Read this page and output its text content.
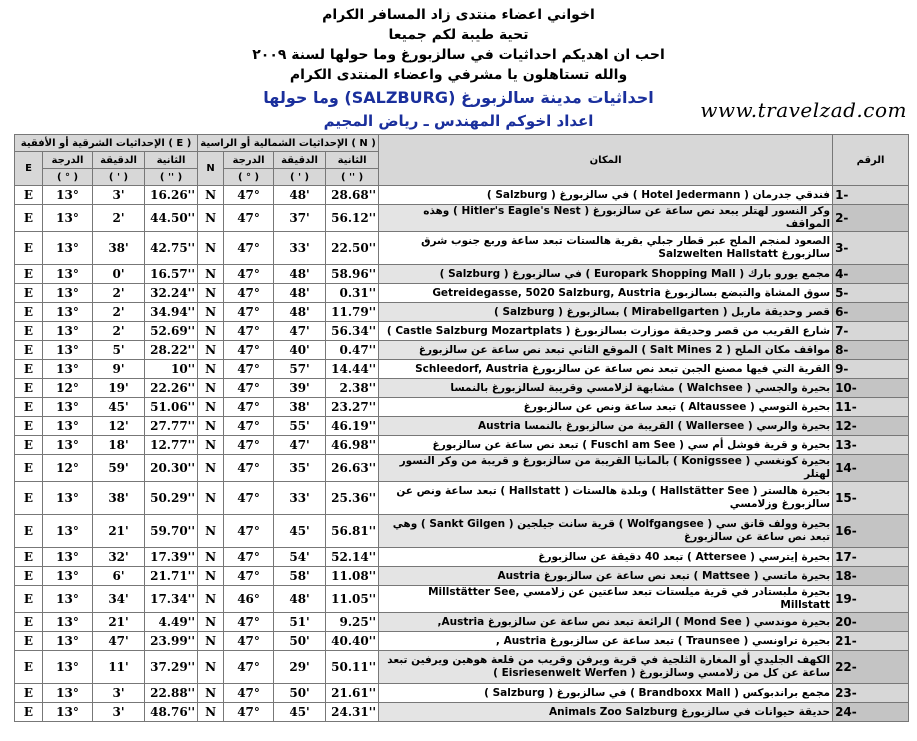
اخواني اعضاء منتدى زاد المسافر الكرام
تحية طيبة لكم جميعا
احب ان اهديكم احداثيات في سالزبورغ وما حولها لسنة ٢٠٠٩
والله تستاهلون يا مشرفي واعضاء المنتدى الكرام
احداثيات مدينة سالزبورغ (SALZBURG) وما حولها
اعداد اخوكم المهندس ـ رياض المجيم	www.travelzad.com
الإحداثيات الشرقية أو الأفقية ( E )				الإحداثيات الشمالية أو الراسية ( N )				المكان	الرقم
E	الدرجة	الدقيقة	الثانية	N	الدرجة	الدقيقة	الثانية		
	( ° )	( ' )	( '' )		( ° )	( ' )	( '' )		
E	13°	3'	16.26''	N	47°	48'	28.68''	فندقي جدرمان ( Hotel Jedermann ) في سالزبورغ ( Salzburg )	1-
E	13°	2'	44.50''	N	47°	37'	56.12''	وكر النسور لهتلر يبعد نص ساعة عن سالزبورغ ( Hitler's Eagle's Nest ) وهذه المواقف	2-
E	13°	38'	42.75''	N	47°	33'	22.50''	الصعود لمنجم الملح عبر قطار جبلي بقرية هالستات تبعد ساعة وربع جنوب شرق سالزبورغ Salzwelten Hallstatt	3-
E	13°	0'	16.57''	N	47°	48'	58.96''	مجمع يورو بارك ( Europark Shopping Mall ) في سالزبورغ ( Salzburg )	4-
E	13°	2'	32.24''	N	47°	48'	0.31''	سوق المشاة والتبضع بسالزبورغ Getreidegasse, 5020 Salzburg, Austria	5-
E	13°	2'	34.94''	N	47°	48'	11.79''	قصر وحديقة ماربل ( Mirabellgarten ) بسالزبورغ ( Salzburg )	6-
E	13°	2'	52.69''	N	47°	47'	56.34''	شارع القريب من قصر وحديقة موزارت بسالزبورغ ( Castle Salzburg Mozartplats )	7-
E	13°	5'	28.22''	N	47°	40'	0.47''	مواقف مكان الملح ( Salt Mines 2 ) الموقع الثاني تبعد نص ساعة عن سالزبورغ	8-
E	13°	9'	10''	N	47°	57'	14.44''	القرية التي فيها مصنع الجبن تبعد نص ساعة عن سالزبورغ Schleedorf, Austria	9-
E	12°	19'	22.26''	N	47°	39'	2.38''	بحيرة والجسي ( Walchsee ) مشابهة لزلامسي وقريبة لسالزبورغ بالنمسا	10-
E	13°	45'	51.06''	N	47°	38'	23.27''	بحيرة التوسي ( Altaussee ) تبعد ساعة ونص عن سالزبورغ	11-
E	13°	12'	27.77''	N	47°	55'	46.19''	بحيرة والرسي ( Wallersee ) القريبة من سالزبورغ بالنمسا Austria	12-
E	13°	18'	12.77''	N	47°	47'	46.98''	بحيرة و قرية فوشل أم سي ( Fuschl am See ) تبعد نص ساعة عن سالزبورغ	13-
E	12°	59'	20.30''	N	47°	35'	26.63''	بحيرة كونغسي ( Konigssee ) بألمانيا القريبة من سالزبورغ و قريبة من وكر النسور لهتلر	14-
E	13°	38'	50.29''	N	47°	33'	25.36''	بحيرة هالستر ( Hallstätter See ) وبلدة هالستات ( Hallstatt ) تبعد ساعة ونص عن سالزبورغ وزلامسي	15-
E	13°	21'	59.70''	N	47°	45'	56.81''	بحيرة وولف قانق سي ( Wolfgangsee ) قرية سانت جيلجين ( Sankt Gilgen ) وهي تبعد نص ساعة عن سالزبورغ	16-
E	13°	32'	17.39''	N	47°	54'	52.14''	بحيرة إيترسي ( Attersee ) تبعد 40 دقيقة عن سالزبورغ	17-
E	13°	6'	21.71''	N	47°	58'	11.08''	بحيرة ماتسي ( Mattsee ) تبعد نص ساعة عن سالزبورغ Austria	18-
E	13°	34'	17.34''	N	46°	48'	11.05''	بحيرة ملبستادر في قرية ميلستات تبعد ساعتين عن زلامسي Millstätter See, Millstatt	19-
E	13°	21'	4.49''	N	47°	51'	9.25''	بحيرة موندسي ( Mond See ) الرائعة تبعد نص ساعة عن سالزبورغ Austria,	20-
E	13°	47'	23.99''	N	47°	50'	40.40''	بحيرة تراونسي ( Traunsee ) تبعد ساعة عن سالزبورغ Austria ,	21-
E	13°	11'	37.29''	N	47°	29'	50.11''	الكهف الجليدي أو المغارة الثلجية في قرية ويرفن وقريب من قلعة هوهين ويرفين تبعد ساعة عن كل من زلامسي وسالزبورغ ( Eisriesenwelt Werfen )	22-
E	13°	3'	22.88''	N	47°	50'	21.61''	مجمع براندبوكس ( Brandboxx Mall ) في سالزبورغ ( Salzburg )	23-
E	13°	3'	48.76''	N	47°	45'	24.31''	حديقة حيوانات في سالزبورغ Animals Zoo Salzburg	24-
